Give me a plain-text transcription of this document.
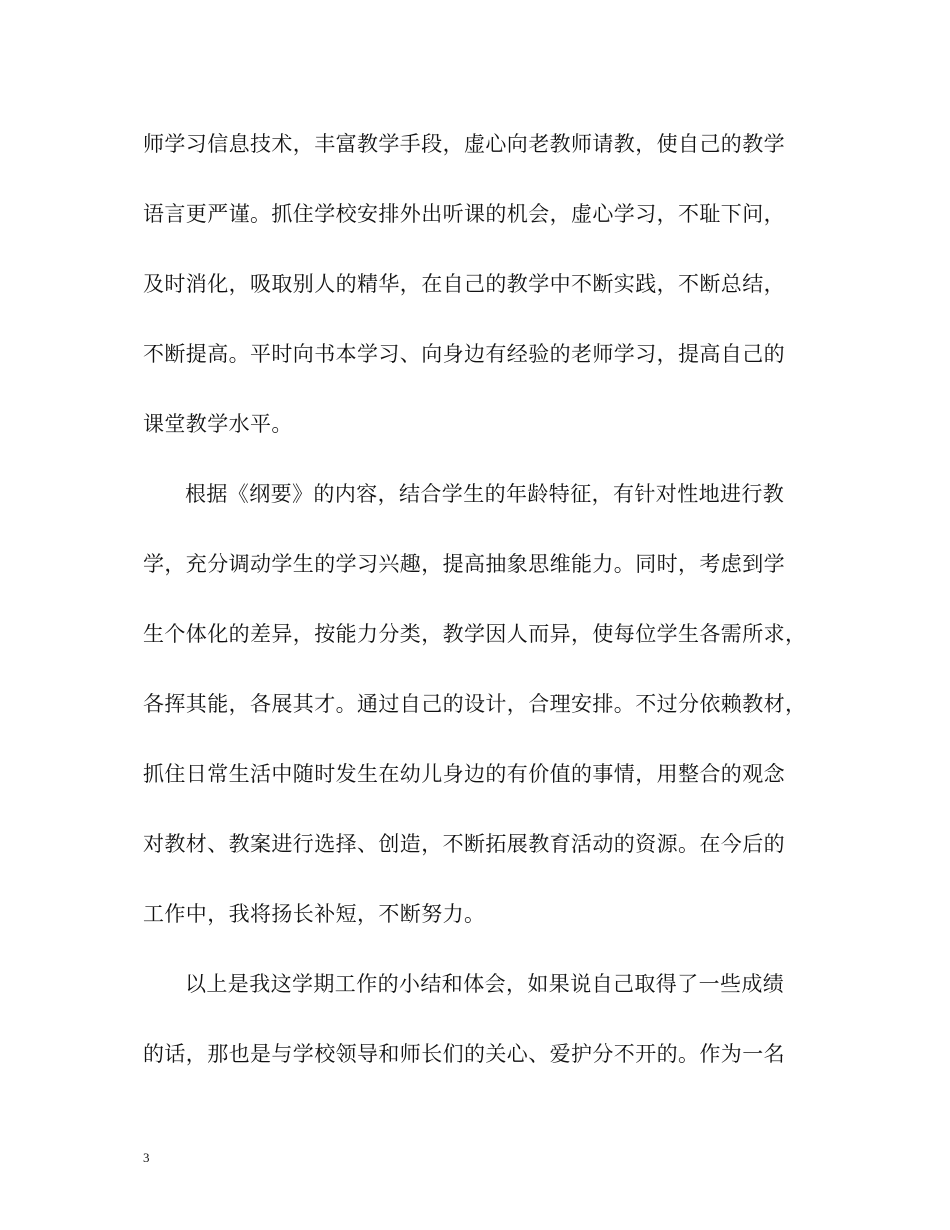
师学习信息技术，丰富教学手段，虚心向老教师请教，使自己的教学
语言更严谨。抓住学校安排外出听课的机会，虚心学习，不耻下问，
及时消化，吸取别人的精华，在自己的教学中不断实践，不断总结，
不断提高。平时向书本学习、向身边有经验的老师学习，提高自己的
课堂教学水平。
根据《纲要》的内容，结合学生的年龄特征，有针对性地进行教
学，充分调动学生的学习兴趣，提高抽象思维能力。同时，考虑到学
生个体化的差异，按能力分类，教学因人而异，使每位学生各需所求，
各挥其能，各展其才。通过自己的设计，合理安排。不过分依赖教材，
抓住日常生活中随时发生在幼儿身边的有价值的事情，用整合的观念
对教材、教案进行选择、创造，不断拓展教育活动的资源。在今后的
工作中，我将扬长补短，不断努力。
以上是我这学期工作的小结和体会，如果说自己取得了一些成绩
的话，那也是与学校领导和师长们的关心、爱护分不开的。作为一名
3
